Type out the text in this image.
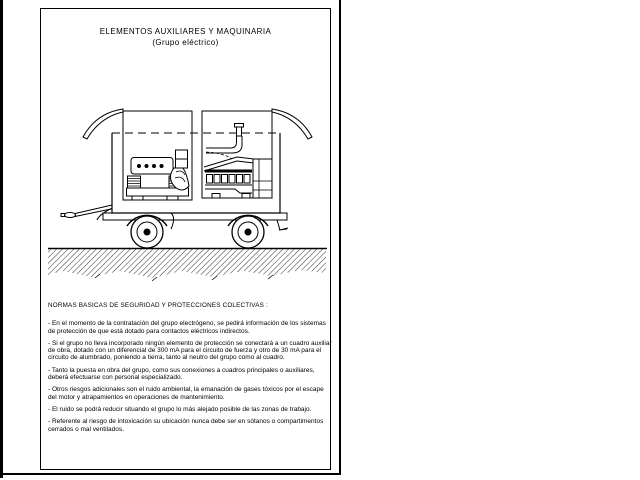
ELEMENTOS AUXILIARES Y MAQUINARIA
(Grupo eléctrico)
NORMAS BASICAS DE SEGURIDAD Y PROTECCIONES COLECTIVAS :

- En el momento de la contratación del grupo electrógeno, se pedirá información de los sistemas de protección de que está dotado para contactos eléctricos indirectos.

- Si el grupo no lleva incorporado ningún elemento de protección se conectará a un cuadro auxiliar de obra, dotado con un diferencial de 300 mA para el circuito de fuerza y otro de 30 mA para el circuito de alumbrado, poniendo a tierra, tanto al neutro del grupo como al cuadro.

- Tanto la puesta en obra del grupo, como sus conexiones a cuadros principales o auxiliares, deberá efectuarse con personal especializado.

- Otros riesgos adicionales son el ruido ambiental, la emanación de gases tóxicos por el escape del motor y atrapamientos en operaciones de mantenimiento.

- El ruido se podrá reducir situando el grupo lo más alejado posible de las zonas de trabajo.

- Referente al riesgo de intoxicación su ubicación nunca debe ser en sótanos o compartimentos cerrados o mal ventilados.
